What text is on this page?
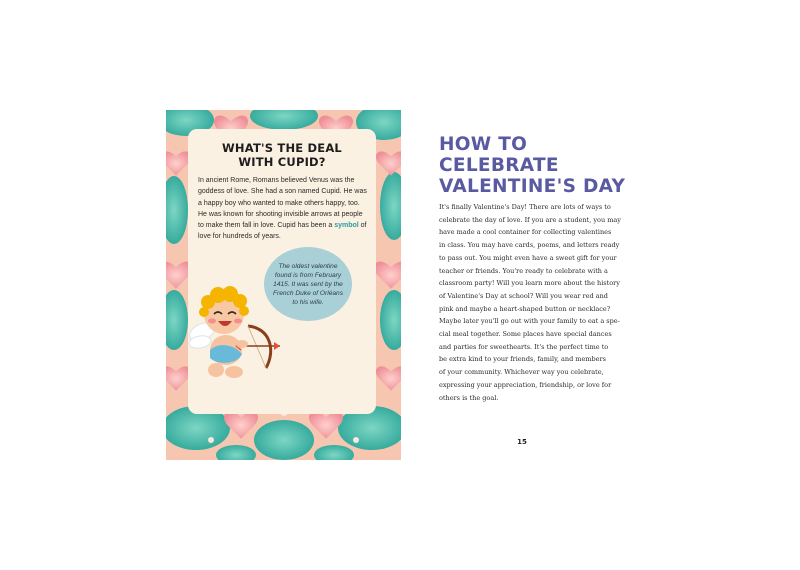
WHAT'S THE DEAL
WITH CUPID?

In ancient Rome, Romans believed Venus was the goddess of love. She had a son named Cupid. He was a happy boy who wanted to make others happy, too. He was known for shooting invisible arrows at people to make them fall in love. Cupid has been a symbol of love for hundreds of years.

The oldest valentine
found is from February
1415. It was sent by the
French Duke of Orléans
to his wife.
HOW TO
CELEBRATE
VALENTINE'S DAY

It's finally Valentine's Day! There are lots of ways to
celebrate the day of love. If you are a student, you may
have made a cool container for collecting valentines
in class. You may have cards, poems, and letters ready
to pass out. You might even have a sweet gift for your
teacher or friends. You're ready to celebrate with a
classroom party! Will you learn more about the history
of Valentine's Day at school? Will you wear red and
pink and maybe a heart-shaped button or necklace?
Maybe later you'll go out with your family to eat a spe-
cial meal together. Some places have special dances
and parties for sweethearts. It's the perfect time to
be extra kind to your friends, family, and members
of your community. Whichever way you celebrate,
expressing your appreciation, friendship, or love for
others is the goal.

15
